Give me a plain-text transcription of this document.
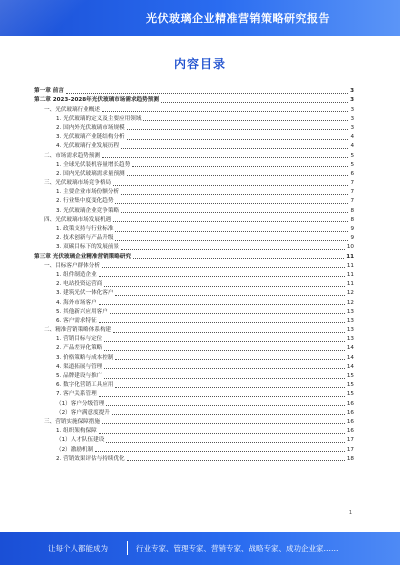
光伏玻璃企业精准营销策略研究报告
内容目录
第一章 前言	3
第二章 2023-2028年光伏玻璃市场需求趋势预测	3
一、光伏玻璃行业概述	3
1. 光伏玻璃的定义及主要应用领域	3
2. 国内外光伏玻璃市场规模	3
3. 光伏玻璃产业链结构分析	4
4. 光伏玻璃行业发展历程	4
二、市场需求趋势预测	5
1. 全球光伏装机容量增长趋势	5
2. 国内光伏玻璃需求量预测	6
三、光伏玻璃市场竞争格局	7
1. 主要企业市场份额分析	7
2. 行业集中度变化趋势	7
3. 光伏玻璃企业竞争策略	8
四、光伏玻璃市场发展机遇	8
1. 政策支持与行业标准	9
2. 技术创新与产品升级	9
3. 双碳目标下的发展前景	10
第三章 光伏玻璃企业精准营销策略研究	11
一、目标客户群体分析	11
1. 组件制造企业	11
2. 电站投资运营商	11
3. 建筑光伏一体化客户	12
4. 海外市场客户	12
5. 其他新兴应用客户	13
6. 客户需求特征	13
二、精准营销策略体系构建	13
1. 营销目标与定位	13
2. 产品差异化策略	14
3. 价格策略与成本控制	14
4. 渠道拓展与管理	14
5. 品牌建设与推广	15
6. 数字化营销工具应用	15
7. 客户关系管理	15
（1）客户分级管理	16
（2）客户满意度提升	16
三、营销实施保障措施	16
1. 组织架构保障	16
（1）人才队伍建设	17
（2）激励机制	17
2. 营销效果评估与持续优化	18
1
让每个人都能成为	行业专家、管理专家、营销专家、战略专家、成功企业家……
